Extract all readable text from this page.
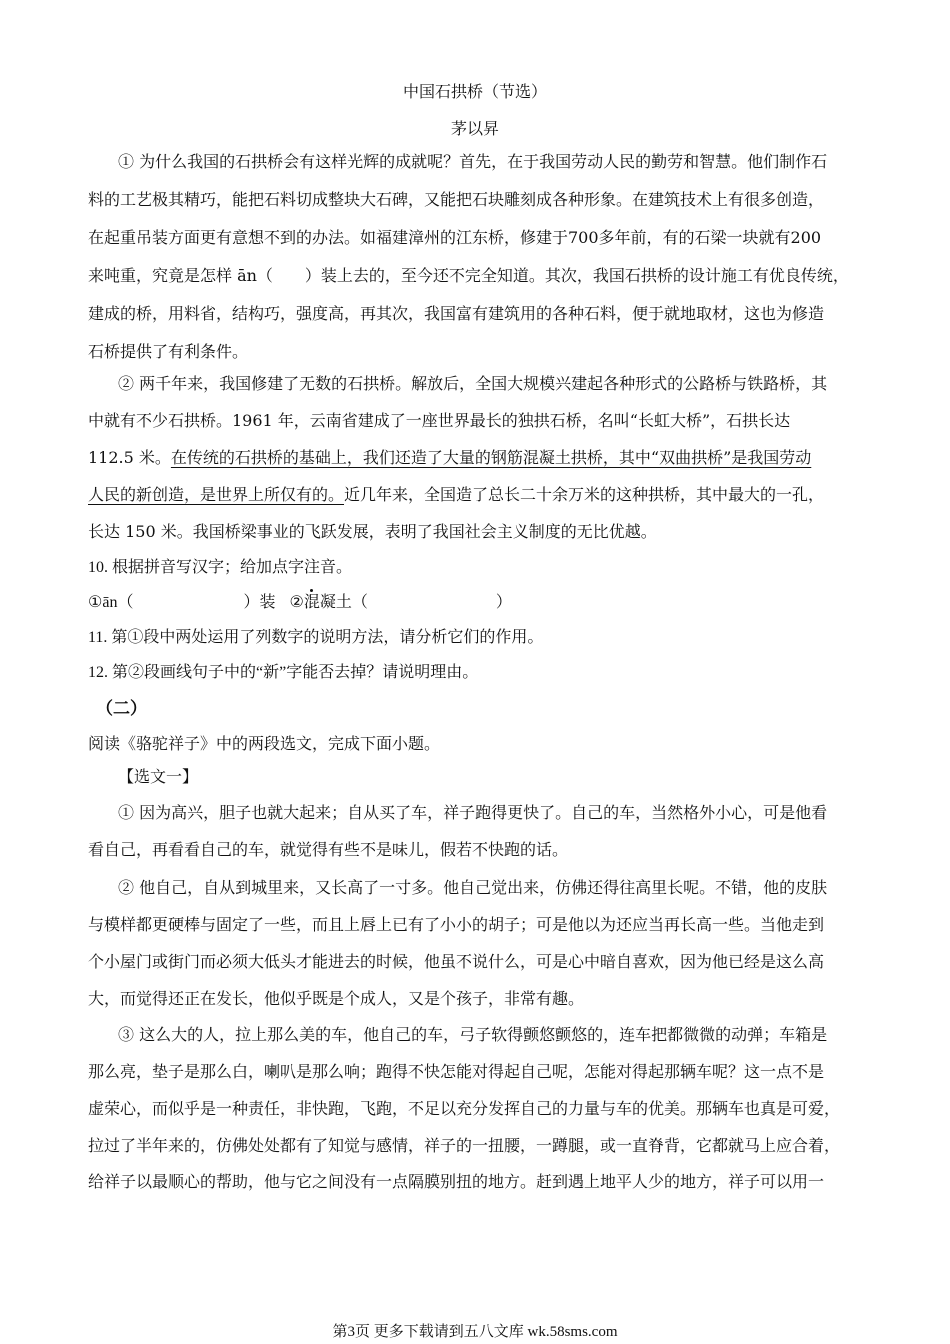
中国石拱桥（节选）
茅以昇
① 为什么我国的石拱桥会有这样光辉的成就呢？首先，在于我国劳动人民的勤劳和智慧。他们制作石
料的工艺极其精巧，能把石料切成整块大石碑，又能把石块雕刻成各种形象。在建筑技术上有很多创造，
在起重吊装方面更有意想不到的办法。如福建漳州的江东桥，修建于700多年前，有的石梁一块就有200
来吨重，究竟是怎样 ān（　　）装上去的，至今还不完全知道。其次，我国石拱桥的设计施工有优良传统，
建成的桥，用料省，结构巧，强度高，再其次，我国富有建筑用的各种石料，便于就地取材，这也为修造
石桥提供了有利条件。
② 两千年来，我国修建了无数的石拱桥。解放后，全国大规模兴建起各种形式的公路桥与铁路桥，其
中就有不少石拱桥。1961 年，云南省建成了一座世界最长的独拱石桥，名叫“长虹大桥”，石拱长达
112.5 米。在传统的石拱桥的基础上，我们还造了大量的钢筋混凝土拱桥，其中“双曲拱桥”是我国劳动
人民的新创造，是世界上所仅有的。近几年来，全国造了总长二十余万米的这种拱桥，其中最大的一孔，
长达 150 米。我国桥梁事业的飞跃发展，表明了我国社会主义制度的无比优越。
10. 根据拼音写汉字；给加点字注音。
①ān（	）装 ②混凝土（	）
11. 第①段中两处运用了列数字的说明方法，请分析它们的作用。
12. 第②段画线句子中的“新”字能否去掉？请说明理由。
（二）
阅读《骆驼祥子》中的两段选文，完成下面小题。
【选文一】
① 因为高兴，胆子也就大起来；自从买了车，祥子跑得更快了。自己的车，当然格外小心，可是他看
看自己，再看看自己的车，就觉得有些不是味儿，假若不快跑的话。
② 他自己，自从到城里来，又长高了一寸多。他自己觉出来，仿佛还得往高里长呢。不错，他的皮肤
与模样都更硬棒与固定了一些，而且上唇上已有了小小的胡子；可是他以为还应当再长高一些。当他走到
个小屋门或街门而必须大低头才能进去的时候，他虽不说什么，可是心中暗自喜欢，因为他已经是这么高
大，而觉得还正在发长，他似乎既是个成人，又是个孩子，非常有趣。
③ 这么大的人，拉上那么美的车，他自己的车，弓子软得颤悠颤悠的，连车把都微微的动弹；车箱是
那么亮，垫子是那么白，喇叭是那么响；跑得不快怎能对得起自己呢，怎能对得起那辆车呢？这一点不是
虚荣心，而似乎是一种责任，非快跑，飞跑，不足以充分发挥自己的力量与车的优美。那辆车也真是可爱，
拉过了半年来的，仿佛处处都有了知觉与感情，祥子的一扭腰，一蹲腿，或一直脊背，它都就马上应合着，
给祥子以最顺心的帮助，他与它之间没有一点隔膜别扭的地方。赶到遇上地平人少的地方，祥子可以用一
第3页 更多下载请到五八文库 wk.58sms.com
